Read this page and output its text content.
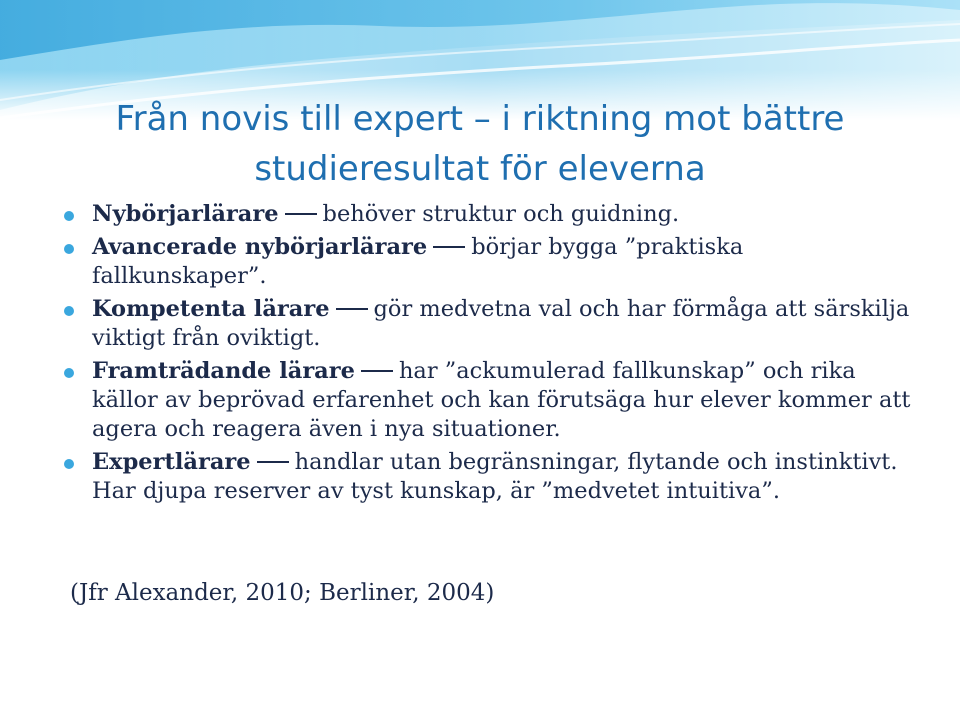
Från novis till expert – i riktning mot bättre
studieresultat för eleverna
Nybörjarlärare behöver struktur och guidning.
Avancerade nybörjarlärare börjar bygga ”praktiska fallkunskaper”.
Kompetenta lärare gör medvetna val och har förmåga att särskilja viktigt från oviktigt.
Framträdande lärare har ”ackumulerad fallkunskap” och rika källor av beprövad erfarenhet och kan förutsäga hur elever kommer att agera och reagera även i nya situationer.
Expertlärare handlar utan begränsningar, flytande och instinktivt. Har djupa reserver av tyst kunskap, är ”medvetet intuitiva”.

(Jfr Alexander, 2010; Berliner, 2004)
